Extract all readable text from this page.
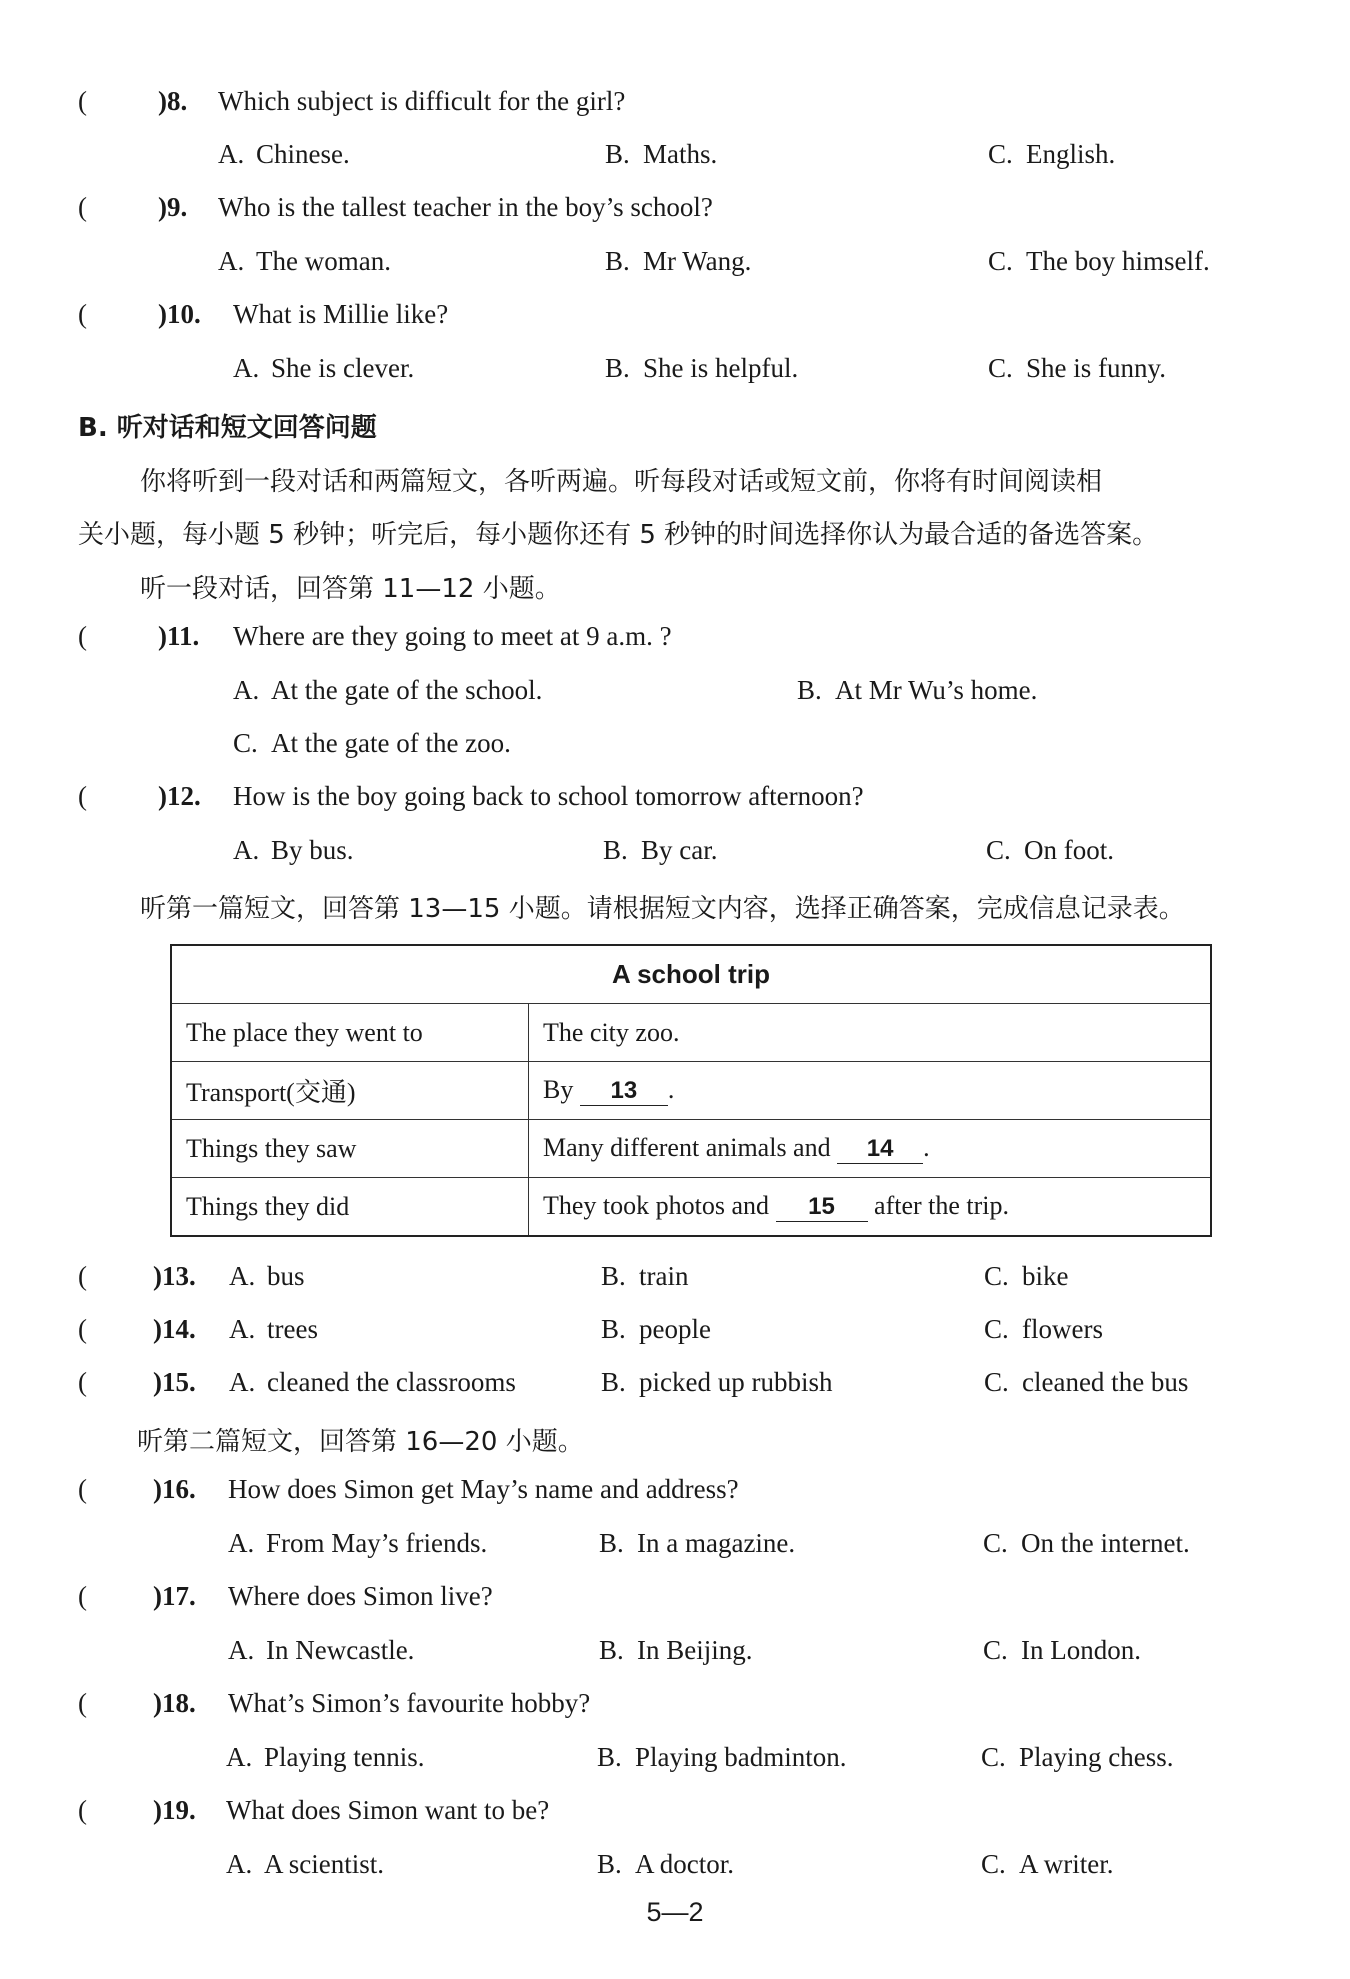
(	)8. Which subject is difficult for the girl?
A. Chinese.	B. Maths.	C. English.
(	)9. Who is the tallest teacher in the boy’s school?
A. The woman.	B. Mr Wang.	C. The boy himself.
(	)10. What is Millie like?
A. She is clever.	B. She is helpful.	C. She is funny.
B. 听对话和短文回答问题
你将听到一段对话和两篇短文，各听两遍。听每段对话或短文前，你将有时间阅读相
关小题，每小题 5 秒钟；听完后，每小题你还有 5 秒钟的时间选择你认为最合适的备选答案。
听一段对话，回答第 11—12 小题。
(	)11. Where are they going to meet at 9 a.m. ?
A. At the gate of the school.	B. At Mr Wu’s home.
C. At the gate of the zoo.
(	)12. How is the boy going back to school tomorrow afternoon?
A. By bus.	B. By car.	C. On foot.
听第一篇短文，回答第 13—15 小题。请根据短文内容，选择正确答案，完成信息记录表。
A school trip	
The place they went to	The city zoo.
Transport(交通)	By 13 .
Things they saw	Many different animals and 14 .
Things they did	They took photos and 15 after the trip.
( )13. A. bus	B. train	C. bike
( )14. A. trees	B. people	C. flowers
( )15. A. cleaned the classrooms	B. picked up rubbish	C. cleaned the bus
听第二篇短文，回答第 16—20 小题。
( )16. How does Simon get May’s name and address?
A. From May’s friends.	B. In a magazine.	C. On the internet.
( )17. Where does Simon live?
A. In Newcastle.	B. In Beijing.	C. In London.
( )18. What’s Simon’s favourite hobby?
A. Playing tennis.	B. Playing badminton.	C. Playing chess.
( )19. What does Simon want to be?
A. A scientist.	B. A doctor.	C. A writer.
5—2
